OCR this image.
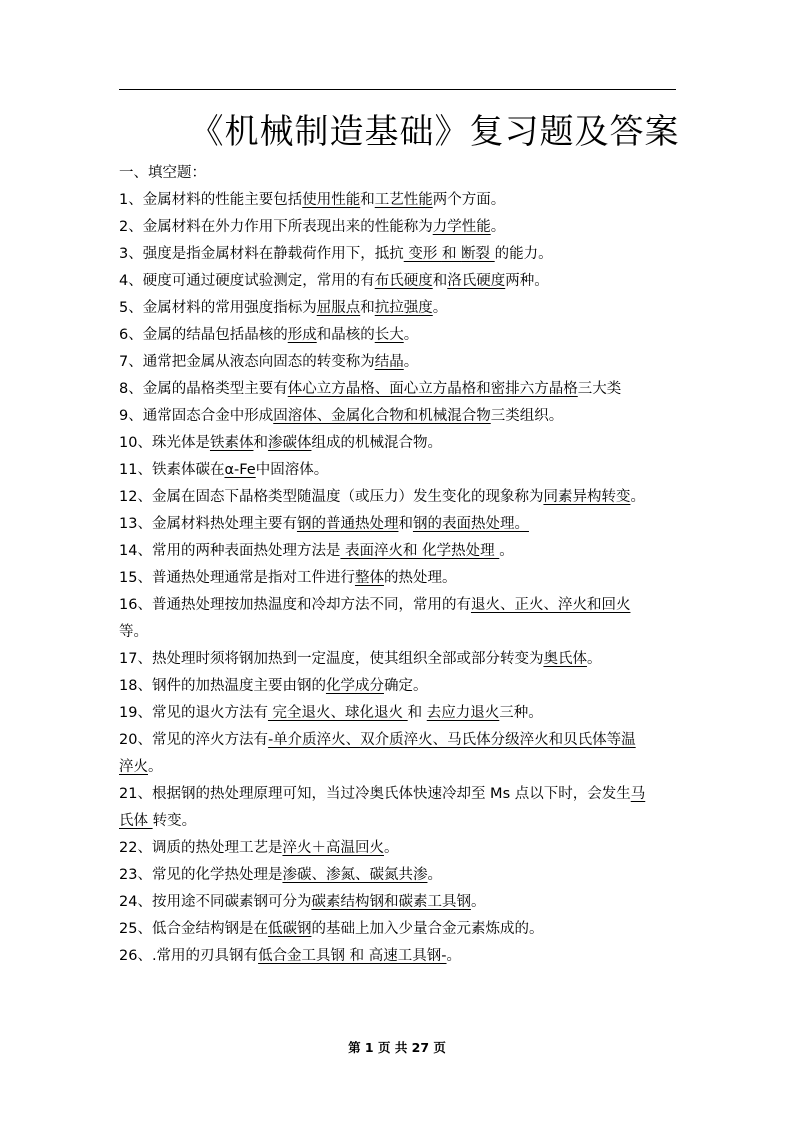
《机械制造基础》复习题及答案
一、填空题：
1、金属材料的性能主要包括使用性能和工艺性能两个方面。
2、金属材料在外力作用下所表现出来的性能称为力学性能。
3、强度是指金属材料在静载荷作用下，抵抗 变形 和 断裂 的能力。
4、硬度可通过硬度试验测定，常用的有布氏硬度和洛氏硬度两种。
5、金属材料的常用强度指标为屈服点和抗拉强度。
6、金属的结晶包括晶核的形成和晶核的长大。
7、通常把金属从液态向固态的转变称为结晶。
8、金属的晶格类型主要有体心立方晶格、面心立方晶格和密排六方晶格三大类
9、通常固态合金中形成固溶体、金属化合物和机械混合物三类组织。
10、珠光体是铁素体和渗碳体组成的机械混合物。
11、铁素体碳在α-Fe中固溶体。
12、金属在固态下晶格类型随温度（或压力）发生变化的现象称为同素异构转变。
13、金属材料热处理主要有钢的普通热处理和钢的表面热处理。
14、常用的两种表面热处理方法是 表面淬火和 化学热处理 。
15、普通热处理通常是指对工件进行整体的热处理。
16、普通热处理按加热温度和冷却方法不同，常用的有退火、正火、淬火和回火等。
17、热处理时须将钢加热到一定温度，使其组织全部或部分转变为奥氏体。
18、钢件的加热温度主要由钢的化学成分确定。
19、常见的退火方法有 完全退火、球化退火 和 去应力退火三种。
20、常见的淬火方法有-单介质淬火、双介质淬火、马氏体分级淬火和贝氏体等温淬火。
21、根据钢的热处理原理可知，当过冷奥氏体快速冷却至 Ms 点以下时，会发生马氏体 转变。
22、调质的热处理工艺是淬火＋高温回火。
23、常见的化学热处理是渗碳、渗氮、碳氮共渗。
24、按用途不同碳素钢可分为碳素结构钢和碳素工具钢。
25、低合金结构钢是在低碳钢的基础上加入少量合金元素炼成的。
26、.常用的刃具钢有低合金工具钢 和 高速工具钢-。
第 1 页 共 27 页
